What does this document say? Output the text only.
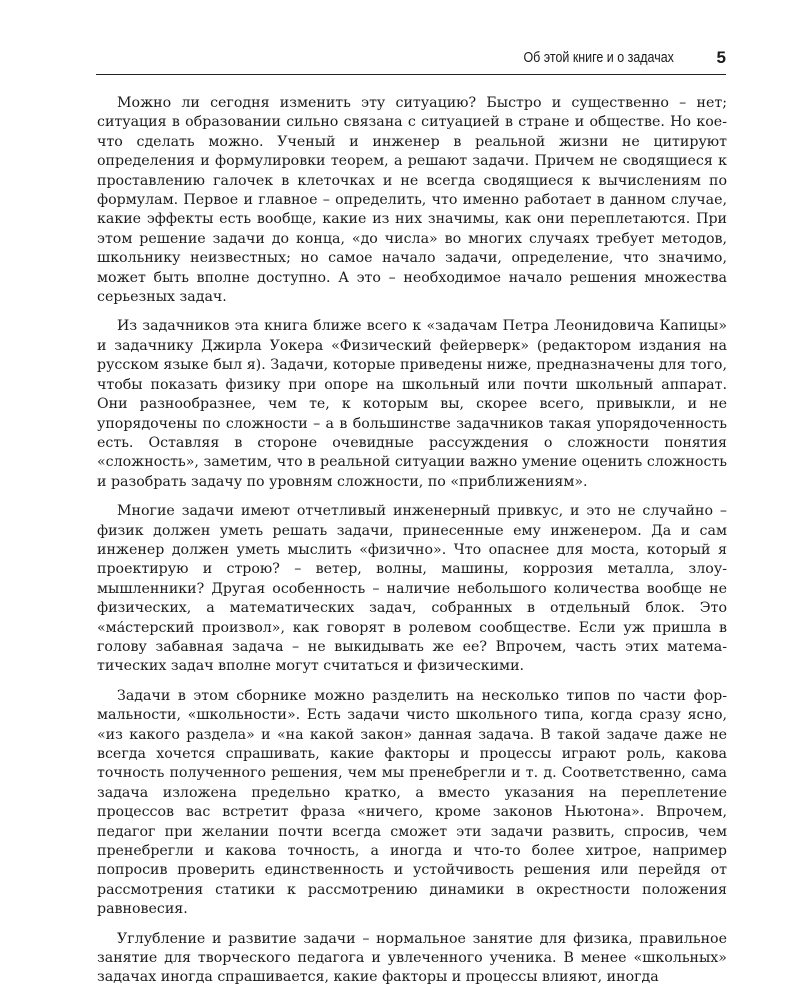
Об этой книге и о задачах	5

Можно ли сегодня изменить эту ситуацию? Быстро и существенно – нет; ситуация в образовании сильно связана с ситуацией в стране и обществе. Но кое-что сделать можно. Ученый и инженер в реальной жизни не цитируют определения и формулировки теорем, а решают задачи. Причем не сводящиеся к проставлению галочек в клеточках и не всегда сводящиеся к вычислениям по формулам. Первое и главное – определить, что именно работает в данном случае, какие эффекты есть вообще, какие из них значимы, как они переплетаются. При этом решение задачи до конца, «до числа» во многих случаях требует методов, школьнику неизвестных; но самое начало задачи, определение, что значимо, может быть вполне доступно. А это – необходимое начало решения множества серьезных задач.

Из задачников эта книга ближе всего к «задачам Петра Леонидовича Капицы» и задачнику Джирла Уокера «Физический фейерверк» (редактором издания на русском языке был я). Задачи, которые приведены ниже, предназначены для того, чтобы показать физику при опоре на школьный или почти школьный аппарат. Они разнообразнее, чем те, к которым вы, скорее всего, привыкли, и не упорядочены по сложности – а в большинстве задачников такая упорядоченность есть. Оставляя в стороне очевидные рассуждения о сложности понятия «сложность», заметим, что в реальной ситуации важно умение оценить сложность и разобрать задачу по уровням сложности, по «приближениям».

Многие задачи имеют отчетливый инженерный привкус, и это не случайно – физик должен уметь решать задачи, принесенные ему инженером. Да и сам инженер должен уметь мыслить «физично». Что опаснее для моста, который я проектирую и строю? – ветер, волны, машины, коррозия металла, злоумышленники? Другая особенность – наличие небольшого количества вообще не физических, а математических задач, собранных в отдельный блок. Это «ма́стерский произвол», как говорят в ролевом сообществе. Если уж пришла в голову забавная задача – не выкидывать же ее? Впрочем, часть этих математических задач вполне могут считаться и физическими.

Задачи в этом сборнике можно разделить на несколько типов по части формальности, «школьности». Есть задачи чисто школьного типа, когда сразу ясно, «из какого раздела» и «на какой закон» данная задача. В такой задаче даже не всегда хочется спрашивать, какие факторы и процессы играют роль, какова точность полученного решения, чем мы пренебрегли и т. д. Соответственно, сама задача изложена предельно кратко, а вместо указания на переплетение процессов вас встретит фраза «ничего, кроме законов Ньютона». Впрочем, педагог при желании почти всегда сможет эти задачи развить, спросив, чем пренебрегли и какова точность, а иногда и что-то более хитрое, например попросив проверить единственность и устойчивость решения или перейдя от рассмотрения статики к рассмотрению динамики в окрестности положения равновесия.

Углубление и развитие задачи – нормальное занятие для физика, правильное занятие для творческого педагога и увлеченного ученика. В менее «школьных» задачах иногда спрашивается, какие факторы и процессы влияют, иногда
